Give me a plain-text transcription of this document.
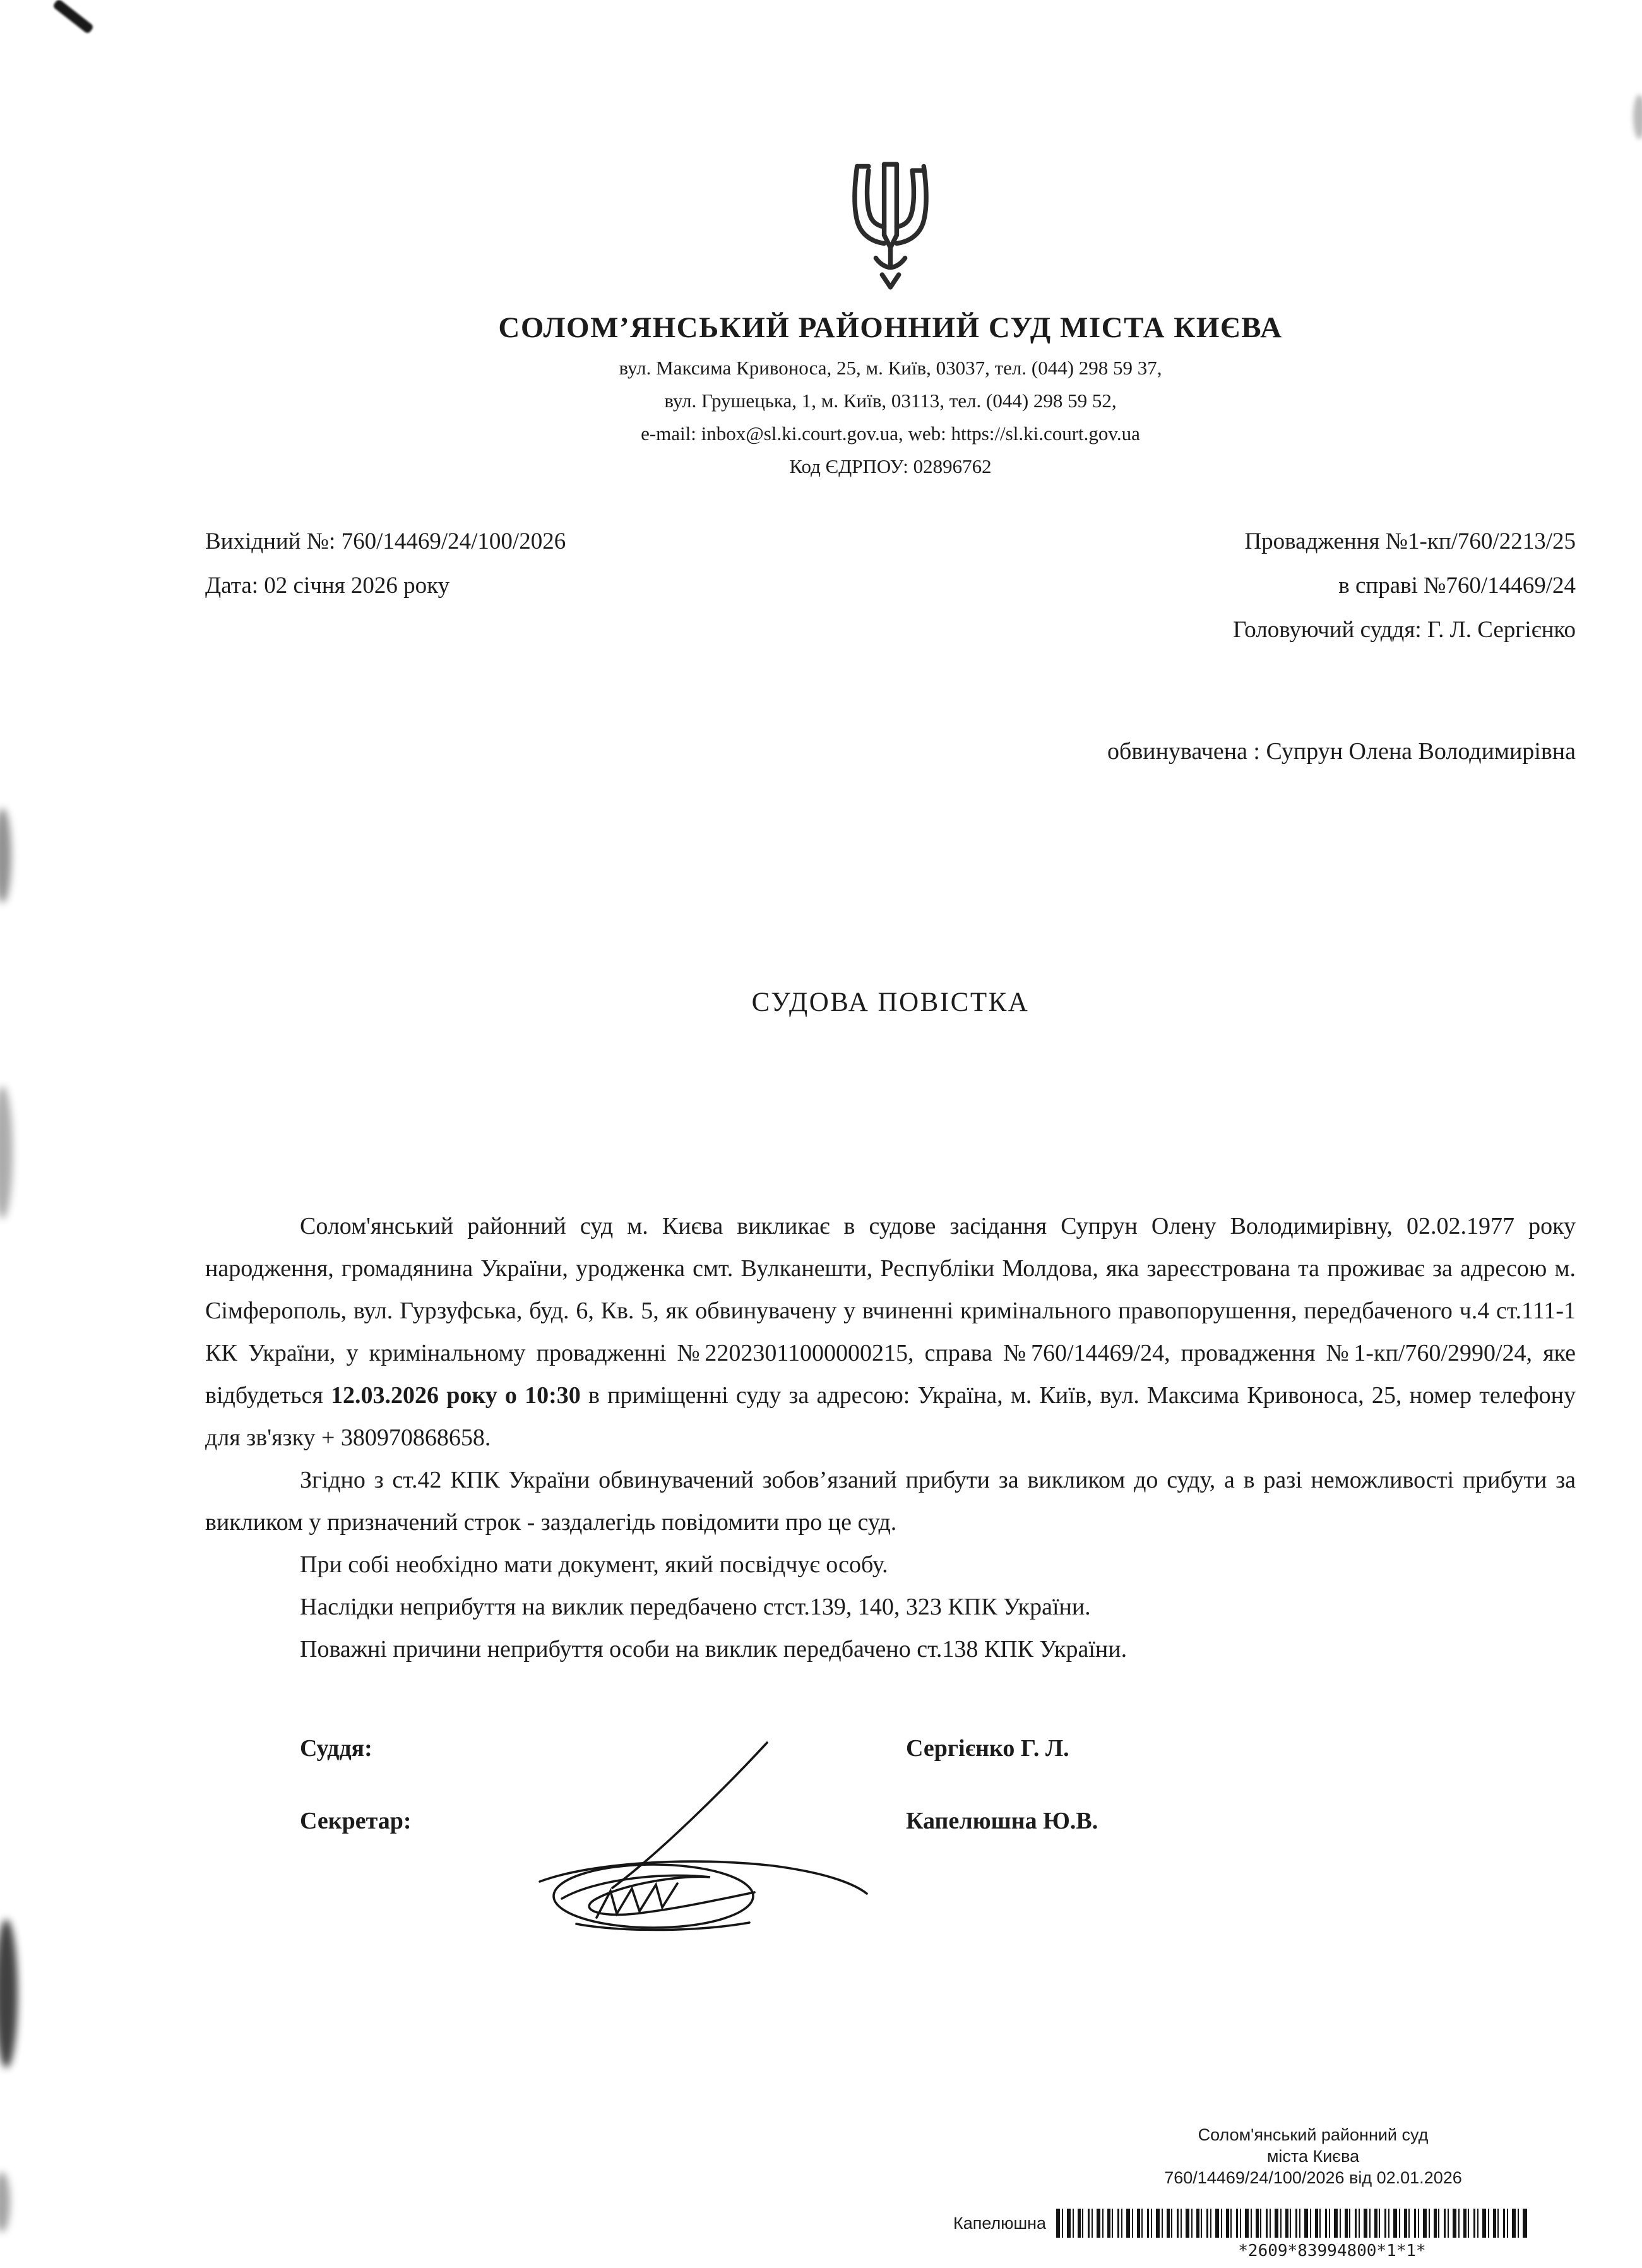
СОЛОМ’ЯНСЬКИЙ РАЙОННИЙ СУД МІСТА КИЄВА
вул. Максима Кривоноса, 25, м. Київ, 03037, тел. (044) 298 59 37,
вул. Грушецька, 1, м. Київ, 03113, тел. (044) 298 59 52,
e-mail: inbox@sl.ki.court.gov.ua, web: https://sl.ki.court.gov.ua
Код ЄДРПОУ: 02896762
Вихідний №: 760/14469/24/100/2026
Дата: 02 січня 2026 року
Провадження №1-кп/760/2213/25
в справі №760/14469/24
Головуючий суддя: Г. Л. Сергієнко
обвинувачена : Супрун Олена Володимирівна
СУДОВА ПОВІСТКА

Солом'янський районний суд м. Києва викликає в судове засідання Супрун Олену Володимирівну, 02.02.1977 року народження, громадянина України, уродженка смт. Вулканешти, Республіки Молдова, яка зареєстрована та проживає за адресою м. Сімферополь, вул. Гурзуфська, буд. 6, Кв. 5, як обвинувачену у вчиненні кримінального правопорушення, передбаченого ч.4 ст.111-1 КК України, у кримінальному провадженні №22023011000000215, справа №760/14469/24, провадження №1-кп/760/2990/24, яке відбудеться 12.03.2026 року о 10:30 в приміщенні суду за адресою: Україна, м. Київ, вул. Максима Кривоноса, 25, номер телефону для зв'язку + 380970868658.

Згідно з ст.42 КПК України обвинувачений зобов’язаний прибути за викликом до суду, а в разі неможливості прибути за викликом у призначений строк - заздалегідь повідомити про це суд.

При собі необхідно мати документ, який посвідчує особу.

Наслідки неприбуття на виклик передбачено стст.139, 140, 323 КПК України.

Поважні причини неприбуття особи на виклик передбачено ст.138 КПК України.

Суддя:	Сергієнко Г. Л.
Секретар:	Капелюшна Ю.В.
Солом'янський районний суд
міста Києва
760/14469/24/100/2026 від 02.01.2026
Капелюшна
*2609*83994800*1*1*
